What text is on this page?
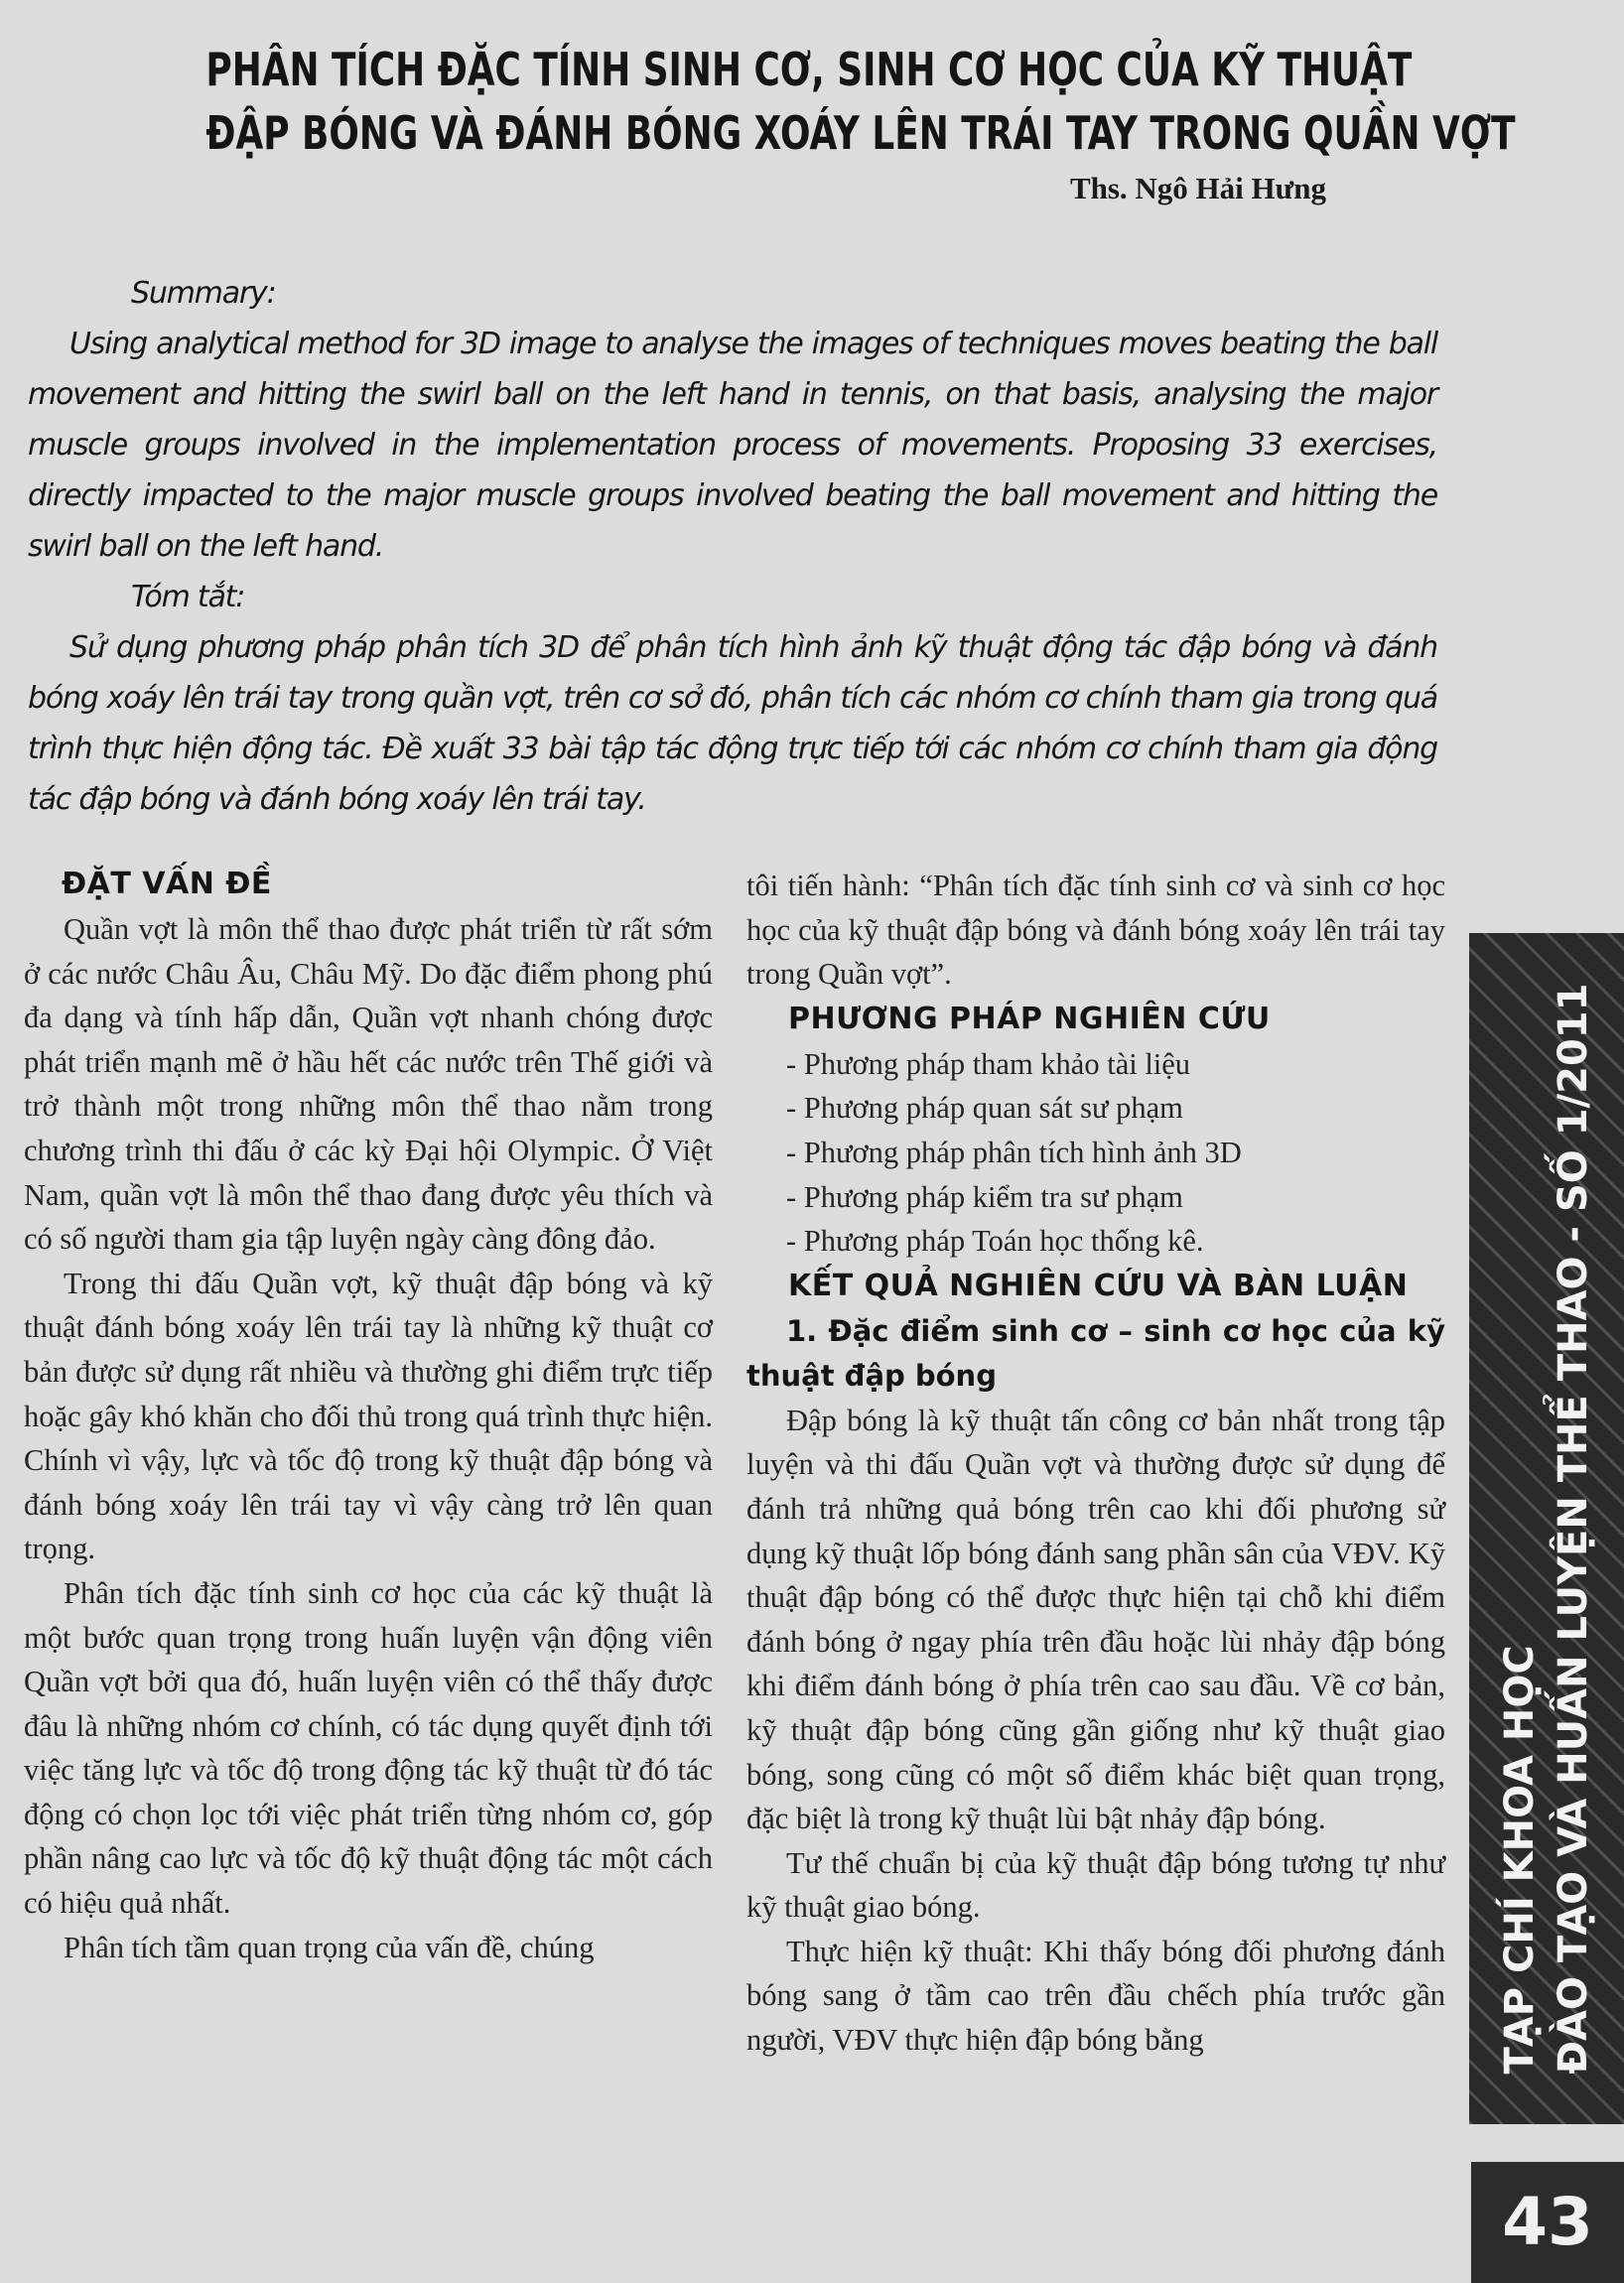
PHÂN TÍCH ĐẶC TÍNH SINH CƠ, SINH CƠ HỌC CỦA KỸ THUẬT
ĐẬP BÓNG VÀ ĐÁNH BÓNG XOÁY LÊN TRÁI TAY TRONG QUẦN VỢT
Ths. Ngô Hải Hưng
Summary:

Using analytical method for 3D image to analyse the images of techniques moves beating the ball movement and hitting the swirl ball on the left hand in tennis, on that basis, analysing the major muscle groups involved in the implementation process of movements. Proposing 33 exercises, directly impacted to the major muscle groups involved beating the ball movement and hitting the swirl ball on the left hand.

Tóm tắt:

Sử dụng phương pháp phân tích 3D để phân tích hình ảnh kỹ thuật động tác đập bóng và đánh bóng xoáy lên trái tay trong quần vợt, trên cơ sở đó, phân tích các nhóm cơ chính tham gia trong quá trình thực hiện động tác. Đề xuất 33 bài tập tác động trực tiếp tới các nhóm cơ chính tham gia động tác đập bóng và đánh bóng xoáy lên trái tay.

ĐẶT VẤN ĐỀ

Quần vợt là môn thể thao được phát triển từ rất sớm ở các nước Châu Âu, Châu Mỹ. Do đặc điểm phong phú đa dạng và tính hấp dẫn, Quần vợt nhanh chóng được phát triển mạnh mẽ ở hầu hết các nước trên Thế giới và trở thành một trong những môn thể thao nằm trong chương trình thi đấu ở các kỳ Đại hội Olympic. Ở Việt Nam, quần vợt là môn thể thao đang được yêu thích và có số người tham gia tập luyện ngày càng đông đảo.

Trong thi đấu Quần vợt, kỹ thuật đập bóng và kỹ thuật đánh bóng xoáy lên trái tay là những kỹ thuật cơ bản được sử dụng rất nhiều và thường ghi điểm trực tiếp hoặc gây khó khăn cho đối thủ trong quá trình thực hiện. Chính vì vậy, lực và tốc độ trong kỹ thuật đập bóng và đánh bóng xoáy lên trái tay vì vậy càng trở lên quan trọng.

Phân tích đặc tính sinh cơ học của các kỹ thuật là một bước quan trọng trong huấn luyện vận động viên Quần vợt bởi qua đó, huấn luyện viên có thể thấy được đâu là những nhóm cơ chính, có tác dụng quyết định tới việc tăng lực và tốc độ trong động tác kỹ thuật từ đó tác động có chọn lọc tới việc phát triển từng nhóm cơ, góp phần nâng cao lực và tốc độ kỹ thuật động tác một cách có hiệu quả nhất.

Phân tích tầm quan trọng của vấn đề, chúng

tôi tiến hành: “Phân tích đặc tính sinh cơ và sinh cơ học học của kỹ thuật đập bóng và đánh bóng xoáy lên trái tay trong Quần vợt”.

PHƯƠNG PHÁP NGHIÊN CỨU
- Phương pháp tham khảo tài liệu
- Phương pháp quan sát sư phạm
- Phương pháp phân tích hình ảnh 3D
- Phương pháp kiểm tra sư phạm
- Phương pháp Toán học thống kê.
KẾT QUẢ NGHIÊN CỨU VÀ BÀN LUẬN

1. Đặc điểm sinh cơ – sinh cơ học của kỹ thuật đập bóng

Đập bóng là kỹ thuật tấn công cơ bản nhất trong tập luyện và thi đấu Quần vợt và thường được sử dụng để đánh trả những quả bóng trên cao khi đối phương sử dụng kỹ thuật lốp bóng đánh sang phần sân của VĐV. Kỹ thuật đập bóng có thể được thực hiện tại chỗ khi điểm đánh bóng ở ngay phía trên đầu hoặc lùi nhảy đập bóng khi điểm đánh bóng ở phía trên cao sau đầu. Về cơ bản, kỹ thuật đập bóng cũng gần giống như kỹ thuật giao bóng, song cũng có một số điểm khác biệt quan trọng, đặc biệt là trong kỹ thuật lùi bật nhảy đập bóng.

Tư thế chuẩn bị của kỹ thuật đập bóng tương tự như kỹ thuật giao bóng.

Thực hiện kỹ thuật: Khi thấy bóng đối phương đánh bóng sang ở tầm cao trên đầu chếch phía trước gần người, VĐV thực hiện đập bóng bằng	TẠP CHÍ KHOA HỌC ĐÀO TẠO VÀ HUẤN LUYỆN THỂ THAO - SỐ 1/2011
43
